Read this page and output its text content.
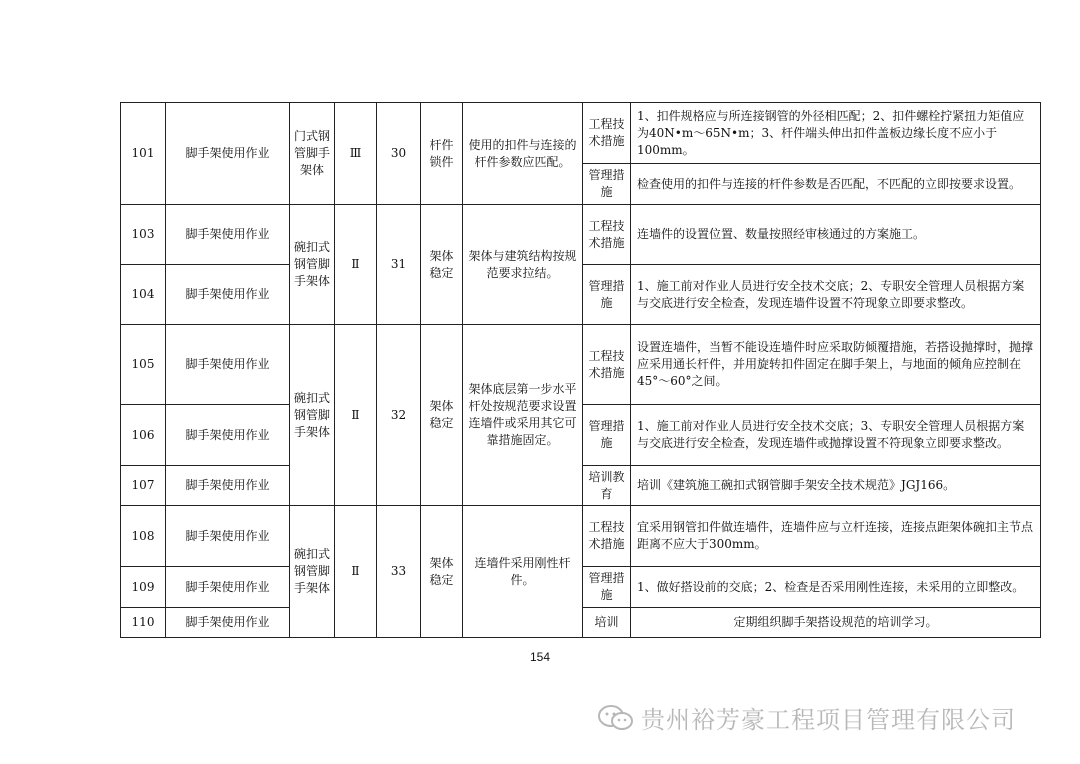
101	脚手架使用作业	门式钢管脚手架体	Ⅲ	30	杆件锁件	使用的扣件与连接的杆件参数应匹配。	工程技术措施	1、扣件规格应与所连接钢管的外径相匹配；2、扣件螺栓拧紧扭力矩值应为40N•m～65N•m；3、杆件端头伸出扣件盖板边缘长度不应小于100mm。
							管理措施	检查使用的扣件与连接的杆件参数是否匹配，不匹配的立即按要求设置。
103	脚手架使用作业	碗扣式钢管脚手架体	Ⅱ	31	架体稳定	架体与建筑结构按规范要求拉结。	工程技术措施	连墙件的设置位置、数量按照经审核通过的方案施工。
104	脚手架使用作业						管理措施	1、施工前对作业人员进行安全技术交底；2、专职安全管理人员根据方案与交底进行安全检查，发现连墙件设置不符现象立即要求整改。
105	脚手架使用作业	碗扣式钢管脚手架体	Ⅱ	32	架体稳定	架体底层第一步水平杆处按规范要求设置连墙件或采用其它可靠措施固定。	工程技术措施	设置连墙件，当暂不能设连墙件时应采取防倾覆措施，若搭设抛撑时，抛撑应采用通长杆件，并用旋转扣件固定在脚手架上，与地面的倾角应控制在45°～60°之间。
106	脚手架使用作业						管理措施	1、施工前对作业人员进行安全技术交底；3、专职安全管理人员根据方案与交底进行安全检查，发现连墙件或抛撑设置不符现象立即要求整改。
107	脚手架使用作业						培训教育	培训《建筑施工碗扣式钢管脚手架安全技术规范》JGJ166。
108	脚手架使用作业	碗扣式钢管脚手架体	Ⅱ	33	架体稳定	连墙件采用刚性杆件。	工程技术措施	宜采用钢管扣件做连墙件，连墙件应与立杆连接，连接点距架体碗扣主节点距离不应大于300mm。
109	脚手架使用作业						管理措施	1、做好搭设前的交底；2、检查是否采用刚性连接，未采用的立即整改。
110	脚手架使用作业						培训	定期组织脚手架搭设规范的培训学习。
154
贵州裕芳豪工程项目管理有限公司
